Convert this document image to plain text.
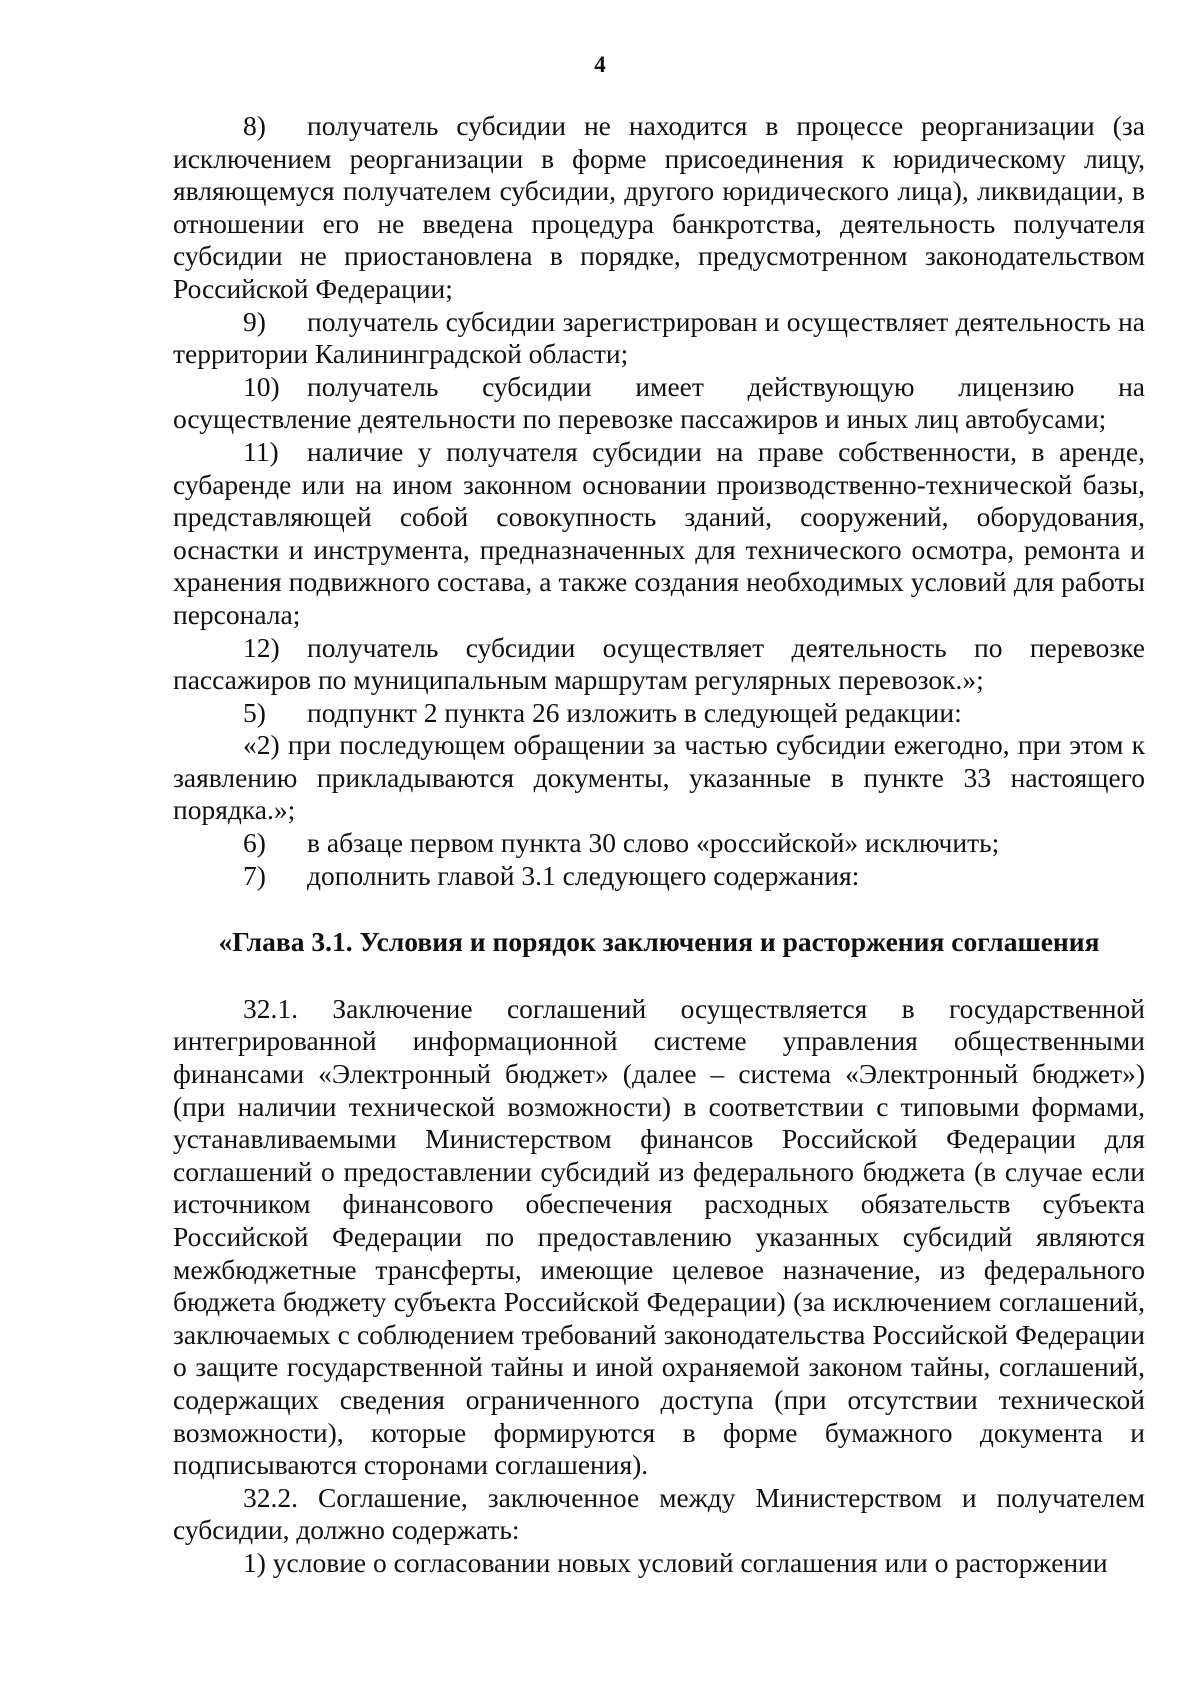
4

8) получатель субсидии не находится в процессе реорганизации (за исключением реорганизации в форме присоединения к юридическому лицу, являющемуся получателем субсидии, другого юридического лица), ликвидации, в отношении его не введена процедура банкротства, деятельность получателя субсидии не приостановлена в порядке, предусмотренном законодательством Российской Федерации;

9) получатель субсидии зарегистрирован и осуществляет деятельность на территории Калининградской области;

10) получатель субсидии имеет действующую лицензию на осуществление деятельности по перевозке пассажиров и иных лиц автобусами;

11) наличие у получателя субсидии на праве собственности, в аренде, субаренде или на ином законном основании производственно-технической базы, представляющей собой совокупность зданий, сооружений, оборудования, оснастки и инструмента, предназначенных для технического осмотра, ремонта и хранения подвижного состава, а также создания необходимых условий для работы персонала;

12) получатель субсидии осуществляет деятельность по перевозке пассажиров по муниципальным маршрутам регулярных перевозок.»;

5) подпункт 2 пункта 26 изложить в следующей редакции:

«2) при последующем обращении за частью субсидии ежегодно, при этом к заявлению прикладываются документы, указанные в пункте 33 настоящего порядка.»;

6) в абзаце первом пункта 30 слово «российской» исключить;

7) дополнить главой 3.1 следующего содержания:

«Глава 3.1. Условия и порядок заключения и расторжения соглашения

32.1. Заключение соглашений осуществляется в государственной интегрированной информационной системе управления общественными финансами «Электронный бюджет» (далее – система «Электронный бюджет») (при наличии технической возможности) в соответствии с типовыми формами, устанавливаемыми Министерством финансов Российской Федерации для соглашений о предоставлении субсидий из федерального бюджета (в случае если источником финансового обеспечения расходных обязательств субъекта Российской Федерации по предоставлению указанных субсидий являются межбюджетные трансферты, имеющие целевое назначение, из федерального бюджета бюджету субъекта Российской Федерации) (за исключением соглашений, заключаемых с соблюдением требований законодательства Российской Федерации о защите государственной тайны и иной охраняемой законом тайны, соглашений, содержащих сведения ограниченного доступа (при отсутствии технической возможности), которые формируются в форме бумажного документа и подписываются сторонами соглашения).

32.2. Соглашение, заключенное между Министерством и получателем субсидии, должно содержать:

1) условие о согласовании новых условий соглашения или о расторжении
